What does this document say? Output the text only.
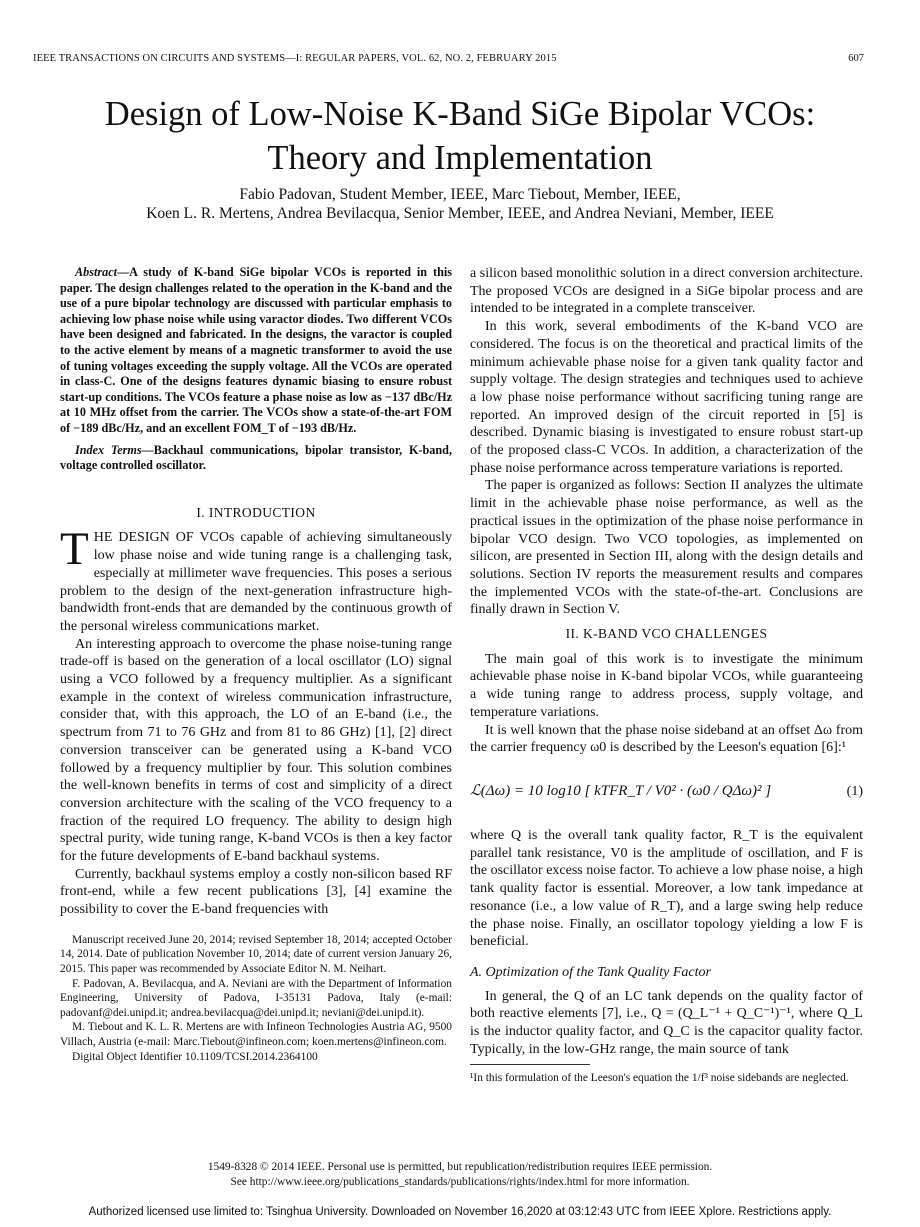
IEEE TRANSACTIONS ON CIRCUITS AND SYSTEMS—I: REGULAR PAPERS, VOL. 62, NO. 2, FEBRUARY 2015	607
Design of Low-Noise K-Band SiGe Bipolar VCOs:
Theory and Implementation
Fabio Padovan, Student Member, IEEE, Marc Tiebout, Member, IEEE,
Koen L. R. Mertens, Andrea Bevilacqua, Senior Member, IEEE, and Andrea Neviani, Member, IEEE

Abstract—A study of K-band SiGe bipolar VCOs is reported in this paper. The design challenges related to the operation in the K-band and the use of a pure bipolar technology are discussed with particular emphasis to achieving low phase noise while using varactor diodes. Two different VCOs have been designed and fabricated. In the designs, the varactor is coupled to the active element by means of a magnetic transformer to avoid the use of tuning voltages exceeding the supply voltage. All the VCOs are operated in class-C. One of the designs features dynamic biasing to ensure robust start-up conditions. The VCOs feature a phase noise as low as −137 dBc/Hz at 10 MHz offset from the carrier. The VCOs show a state-of-the-art FOM of −189 dBc/Hz, and an excellent FOM_T of −193 dB/Hz.

Index Terms—Backhaul communications, bipolar transistor, K-band, voltage controlled oscillator.

I. INTRODUCTION

THE DESIGN OF VCOs capable of achieving simultaneously low phase noise and wide tuning range is a challenging task, especially at millimeter wave frequencies. This poses a serious problem to the design of the next-generation infrastructure high-bandwidth front-ends that are demanded by the continuous growth of the personal wireless communications market.

An interesting approach to overcome the phase noise-tuning range trade-off is based on the generation of a local oscillator (LO) signal using a VCO followed by a frequency multiplier. As a significant example in the context of wireless communication infrastructure, consider that, with this approach, the LO of an E-band (i.e., the spectrum from 71 to 76 GHz and from 81 to 86 GHz) [1], [2] direct conversion transceiver can be generated using a K-band VCO followed by a frequency multiplier by four. This solution combines the well-known benefits in terms of cost and simplicity of a direct conversion architecture with the scaling of the VCO frequency to a fraction of the required LO frequency. The ability to design high spectral purity, wide tuning range, K-band VCOs is then a key factor for the future developments of E-band backhaul systems.

Currently, backhaul systems employ a costly non-silicon based RF front-end, while a few recent publications [3], [4] examine the possibility to cover the E-band frequencies with

Manuscript received June 20, 2014; revised September 18, 2014; accepted October 14, 2014. Date of publication November 10, 2014; date of current version January 26, 2015. This paper was recommended by Associate Editor N. M. Neihart.

F. Padovan, A. Bevilacqua, and A. Neviani are with the Department of Information Engineering, University of Padova, I-35131 Padova, Italy (e-mail: padovanf@dei.unipd.it; andrea.bevilacqua@dei.unipd.it; neviani@dei.unipd.it).

M. Tiebout and K. L. R. Mertens are with Infineon Technologies Austria AG, 9500 Villach, Austria (e-mail: Marc.Tiebout@infineon.com; koen.mertens@infineon.com.

Digital Object Identifier 10.1109/TCSI.2014.2364100

a silicon based monolithic solution in a direct conversion architecture. The proposed VCOs are designed in a SiGe bipolar process and are intended to be integrated in a complete transceiver.

In this work, several embodiments of the K-band VCO are considered. The focus is on the theoretical and practical limits of the minimum achievable phase noise for a given tank quality factor and supply voltage. The design strategies and techniques used to achieve a low phase noise performance without sacrificing tuning range are reported. An improved design of the circuit reported in [5] is described. Dynamic biasing is investigated to ensure robust start-up of the proposed class-C VCOs. In addition, a characterization of the phase noise performance across temperature variations is reported.

The paper is organized as follows: Section II analyzes the ultimate limit in the achievable phase noise performance, as well as the practical issues in the optimization of the phase noise performance in bipolar VCO design. Two VCO topologies, as implemented on silicon, are presented in Section III, along with the design details and solutions. Section IV reports the measurement results and compares the implemented VCOs with the state-of-the-art. Conclusions are finally drawn in Section V.

II. K-BAND VCO CHALLENGES

The main goal of this work is to investigate the minimum achievable phase noise in K-band bipolar VCOs, while guaranteeing a wide tuning range to address process, supply voltage, and temperature variations.

It is well known that the phase noise sideband at an offset Δω from the carrier frequency ω0 is described by the Leeson's equation [6]:¹

ℒ(Δω) = 10 log10 [ kTFR_T / V0² · (ω0 / QΔω)² ]	(1)

where Q is the overall tank quality factor, R_T is the equivalent parallel tank resistance, V0 is the amplitude of oscillation, and F is the oscillator excess noise factor. To achieve a low phase noise, a high tank quality factor is essential. Moreover, a low tank impedance at resonance (i.e., a low value of R_T), and a large swing help reduce the phase noise. Finally, an oscillator topology yielding a low F is beneficial.

A. Optimization of the Tank Quality Factor

In general, the Q of an LC tank depends on the quality factor of both reactive elements [7], i.e., Q = (Q_L⁻¹ + Q_C⁻¹)⁻¹, where Q_L is the inductor quality factor, and Q_C is the capacitor quality factor. Typically, in the low-GHz range, the main source of tank

¹In this formulation of the Leeson's equation the 1/f³ noise sidebands are neglected.
1549-8328 © 2014 IEEE. Personal use is permitted, but republication/redistribution requires IEEE permission.
See http://www.ieee.org/publications_standards/publications/rights/index.html for more information.
Authorized licensed use limited to: Tsinghua University. Downloaded on November 16,2020 at 03:12:43 UTC from IEEE Xplore. Restrictions apply.
